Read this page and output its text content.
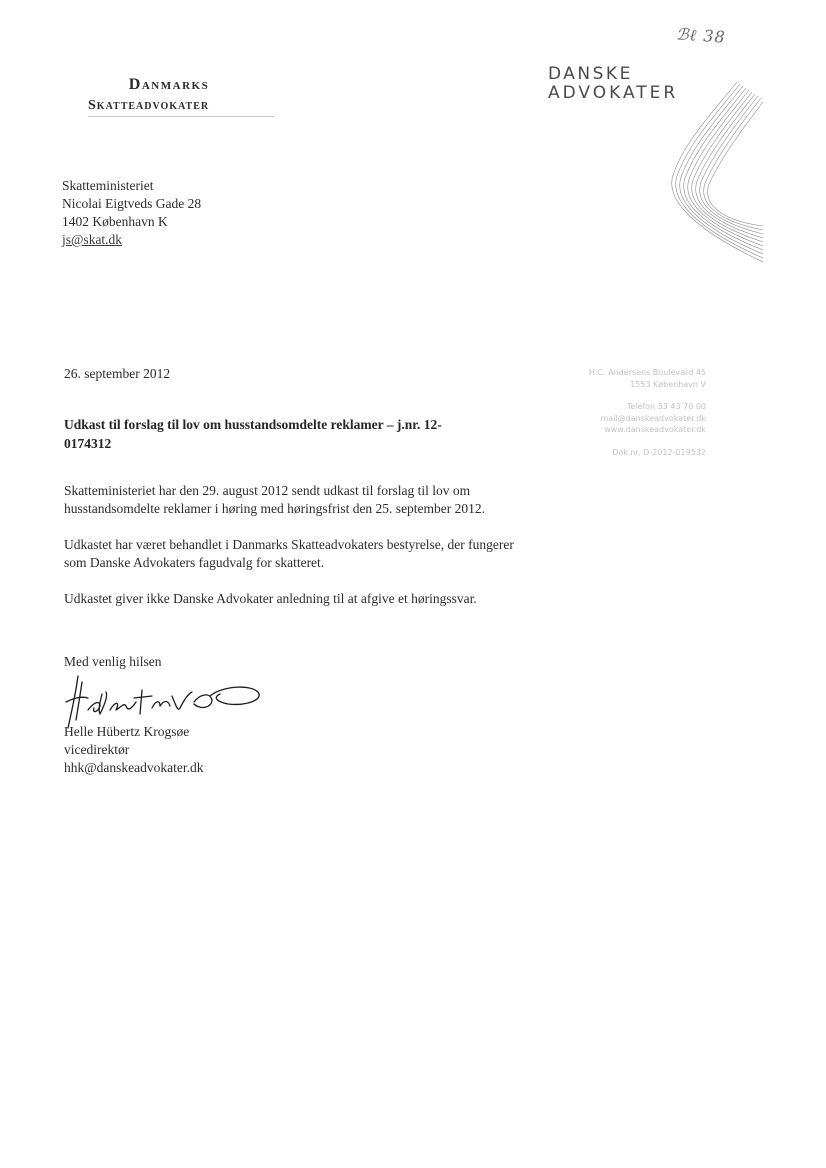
ℬℓ 38
Danmarks
Skatteadvokater
DANSKE
ADVOKATER
Skatteministeriet
Nicolai Eigtveds Gade 28
1402 København K
js@skat.dk
26. september 2012	H.C. Andersens Boulevard 45
1553 København V
Telefon 33 43 70 00
mail@danskeadvokater.dk
www.danskeadvokater.dk
Dok.nr. D-2012-019532
Udkast til forslag til lov om husstandsomdelte reklamer – j.nr. 12-
0174312

Skatteministeriet har den 29. august 2012 sendt udkast til forslag til lov om
husstandsomdelte reklamer i høring med høringsfrist den 25. september 2012.

Udkastet har været behandlet i Danmarks Skatteadvokaters bestyrelse, der fungerer
som Danske Advokaters fagudvalg for skatteret.

Udkastet giver ikke Danske Advokater anledning til at afgive et høringssvar.

Med venlig hilsen
Helle Hübertz Krogsøe
vicedirektør
hhk@danskeadvokater.dk
